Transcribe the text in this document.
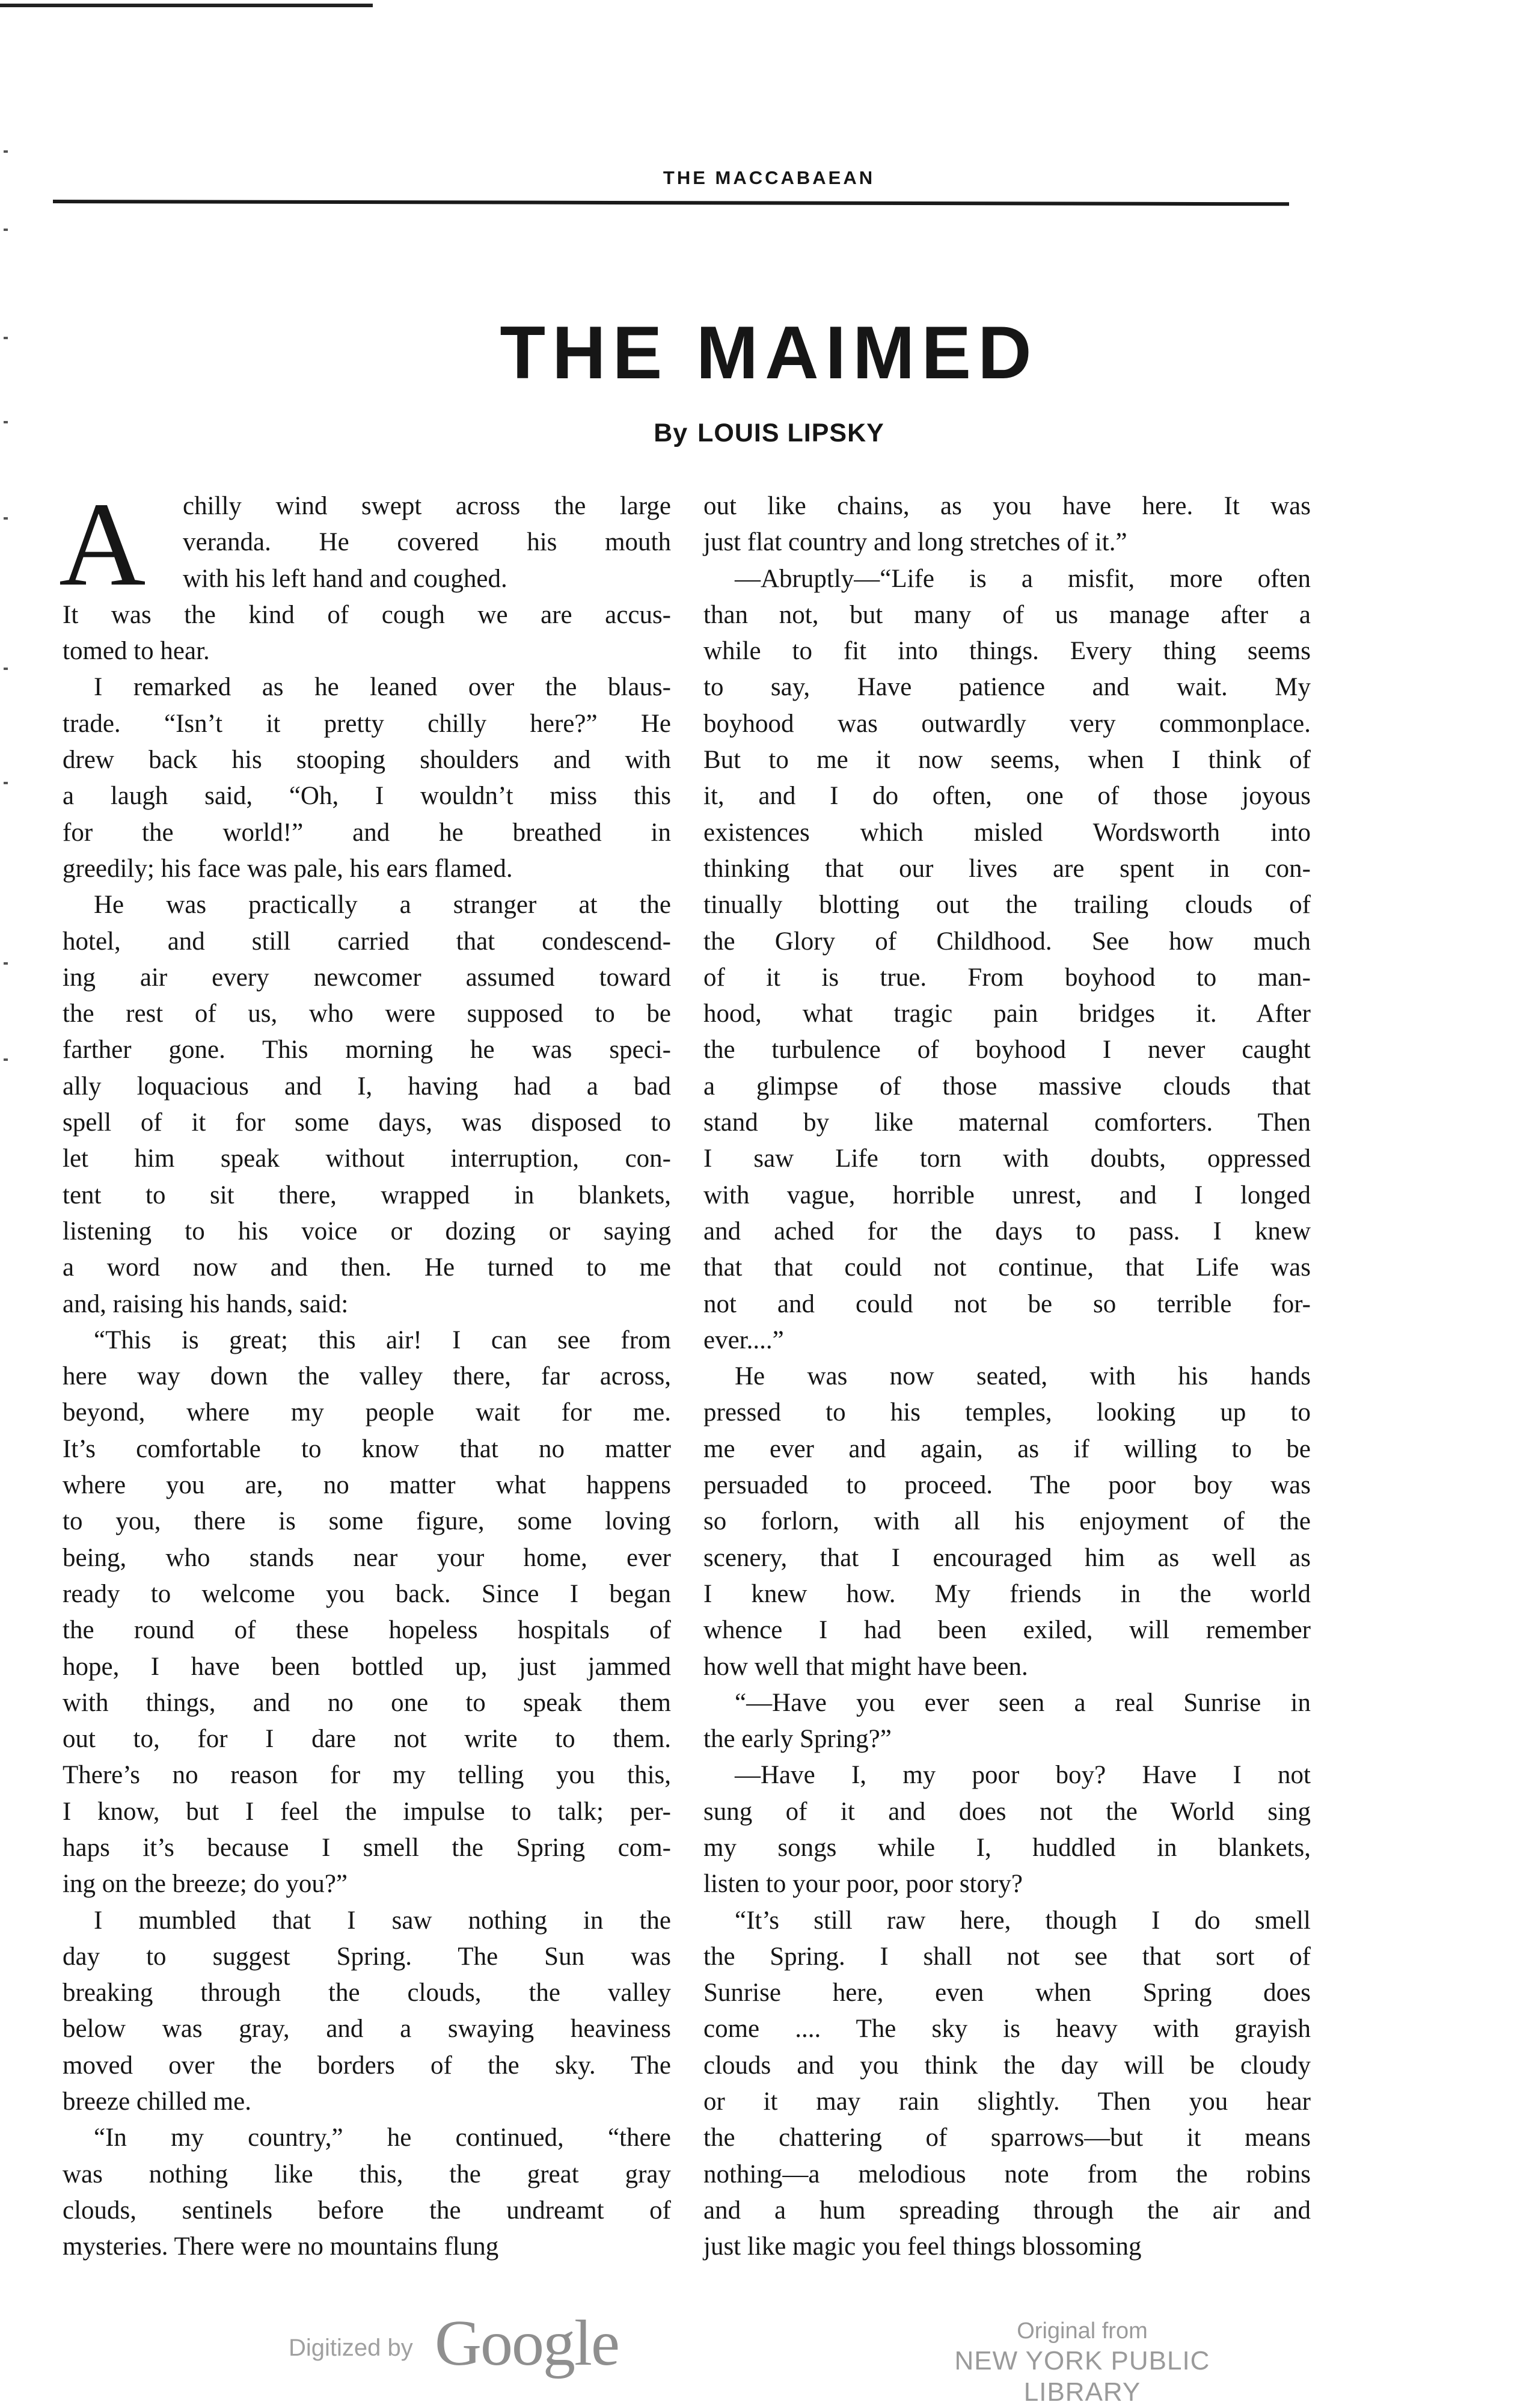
THE MACCABAEAN
THE MAIMED
By LOUIS LIPSKY
A	chilly wind swept across the large
veranda. He covered his mouth
with his left hand and coughed.
It was the kind of cough we are accus-
tomed to hear.
I remarked as he leaned over the blaus-
trade. “Isn’t it pretty chilly here?” He
drew back his stooping shoulders and with
a laugh said, “Oh, I wouldn’t miss this
for the world!” and he breathed in
greedily; his face was pale, his ears flamed.
He was practically a stranger at the
hotel, and still carried that condescend-
ing air every newcomer assumed toward
the rest of us, who were supposed to be
farther gone. This morning he was speci-
ally loquacious and I, having had a bad
spell of it for some days, was disposed to
let him speak without interruption, con-
tent to sit there, wrapped in blankets,
listening to his voice or dozing or saying
a word now and then. He turned to me
and, raising his hands, said:
“This is great; this air! I can see from
here way down the valley there, far across,
beyond, where my people wait for me.
It’s comfortable to know that no matter
where you are, no matter what happens
to you, there is some figure, some loving
being, who stands near your home, ever
ready to welcome you back. Since I began
the round of these hopeless hospitals of
hope, I have been bottled up, just jammed
with things, and no one to speak them
out to, for I dare not write to them.
There’s no reason for my telling you this,
I know, but I feel the impulse to talk; per-
haps it’s because I smell the Spring com-
ing on the breeze; do you?”
I mumbled that I saw nothing in the
day to suggest Spring. The Sun was
breaking through the clouds, the valley
below was gray, and a swaying heaviness
moved over the borders of the sky. The
breeze chilled me.
“In my country,” he continued, “there
was nothing like this, the great gray
clouds, sentinels before the undreamt of
mysteries. There were no mountains flung
out like chains, as you have here. It was
just flat country and long stretches of it.”
—Abruptly—“Life is a misfit, more often
than not, but many of us manage after a
while to fit into things. Every thing seems
to say, Have patience and wait. My
boyhood was outwardly very commonplace.
But to me it now seems, when I think of
it, and I do often, one of those joyous
existences which misled Wordsworth into
thinking that our lives are spent in con-
tinually blotting out the trailing clouds of
the Glory of Childhood. See how much
of it is true. From boyhood to man-
hood, what tragic pain bridges it. After
the turbulence of boyhood I never caught
a glimpse of those massive clouds that
stand by like maternal comforters. Then
I saw Life torn with doubts, oppressed
with vague, horrible unrest, and I longed
and ached for the days to pass. I knew
that that could not continue, that Life was
not and could not be so terrible for-
ever....”
He was now seated, with his hands
pressed to his temples, looking up to
me ever and again, as if willing to be
persuaded to proceed. The poor boy was
so forlorn, with all his enjoyment of the
scenery, that I encouraged him as well as
I knew how. My friends in the world
whence I had been exiled, will remember
how well that might have been.
“—Have you ever seen a real Sunrise in
the early Spring?”
—Have I, my poor boy? Have I not
sung of it and does not the World sing
my songs while I, huddled in blankets,
listen to your poor, poor story?
“It’s still raw here, though I do smell
the Spring. I shall not see that sort of
Sunrise here, even when Spring does
come .... The sky is heavy with grayish
clouds and you think the day will be cloudy
or it may rain slightly. Then you hear
the chattering of sparrows—but it means
nothing—a melodious note from the robins
and a hum spreading through the air and
just like magic you feel things blossoming
Digitized by Google	Original from
NEW YORK PUBLIC LIBRARY
